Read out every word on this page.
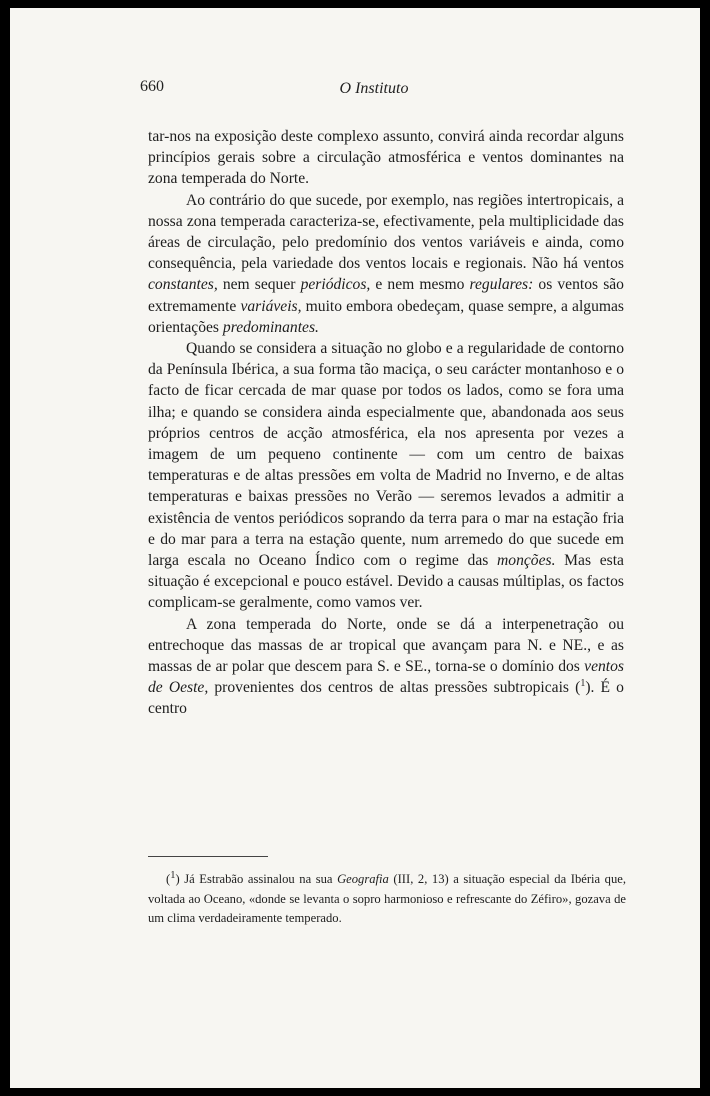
660	O Instituto

tar-nos na exposição deste complexo assunto, convirá ainda recordar alguns princípios gerais sobre a circulação atmosférica e ventos dominantes na zona temperada do Norte.

Ao contrário do que sucede, por exemplo, nas regiões intertropicais, a nossa zona temperada caracteriza-se, efectivamente, pela multiplicidade das áreas de circulação, pelo predomínio dos ventos variáveis e ainda, como consequência, pela variedade dos ventos locais e regionais. Não há ventos constantes, nem sequer periódicos, e nem mesmo regulares: os ventos são extremamente variáveis, muito embora obedeçam, quase sempre, a algumas orientações predominantes.

Quando se considera a situação no globo e a regularidade de contorno da Península Ibérica, a sua forma tão maciça, o seu carácter montanhoso e o facto de ficar cercada de mar quase por todos os lados, como se fora uma ilha; e quando se considera ainda especialmente que, abandonada aos seus próprios centros de acção atmosférica, ela nos apresenta por vezes a imagem de um pequeno continente — com um centro de baixas temperaturas e de altas pressões em volta de Madrid no Inverno, e de altas temperaturas e baixas pressões no Verão — seremos levados a admitir a existência de ventos periódicos soprando da terra para o mar na estação fria e do mar para a terra na estação quente, num arremedo do que sucede em larga escala no Oceano Índico com o regime das monções. Mas esta situação é excepcional e pouco estável. Devido a causas múltiplas, os factos complicam-se geralmente, como vamos ver.

A zona temperada do Norte, onde se dá a interpenetração ou entrechoque das massas de ar tropical que avançam para N. e NE., e as massas de ar polar que descem para S. e SE., torna-se o domínio dos ventos de Oeste, provenientes dos centros de altas pressões subtropicais ($^1$). É o centro

($^1$) Já Estrabão assinalou na sua Geografia (III, 2, 13) a situação especial da Ibéria que, voltada ao Oceano, «donde se levanta o sopro harmonioso e refrescante do Zéfiro», gozava de um clima verdadeiramente temperado.
